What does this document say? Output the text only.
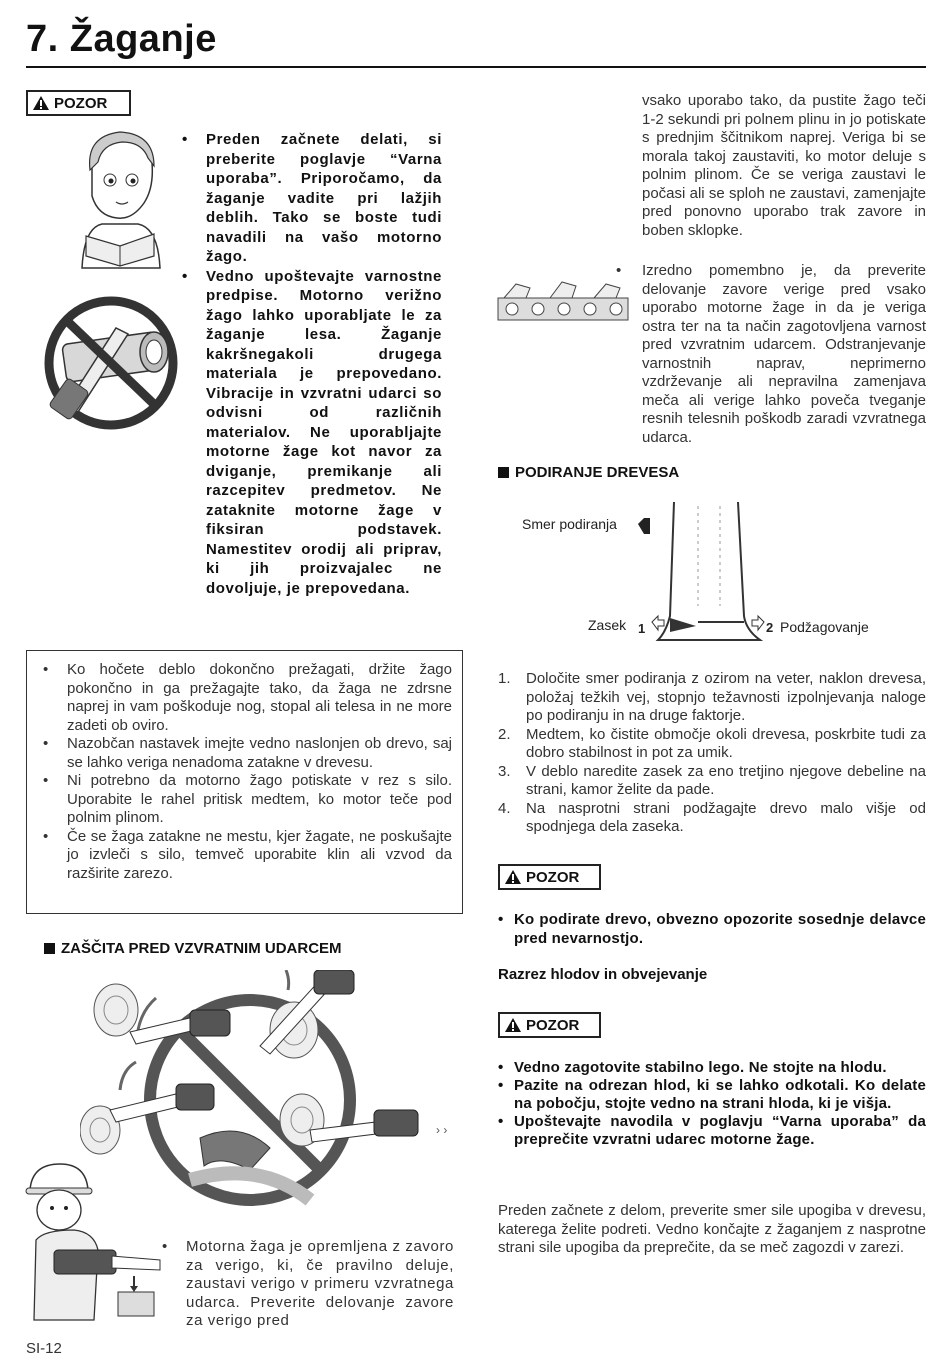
7. Žaganje
POZOR
•	Preden začnete delati, si preberite poglavje “Varna uporaba”. Priporočamo, da žaganje vadite pri lažjih deblih. Tako se boste tudi navadili na vašo motorno žago.
•	Vedno upoštevajte varnostne predpise. Motorno verižno žago lahko uporabljate le za žaganje lesa. Žaganje kakršnegakoli drugega materiala je prepovedano. Vibracije in vzvratni udarci so odvisni od različnih materialov. Ne uporabljajte motorne žage kot navor za dviganje, premikanje ali razcepitev predmetov. Ne zataknite motorne žage v fiksiran podstavek. Namestitev orodij ali priprav, ki jih proizvajalec ne dovoljuje, je prepovedana.
•	Ko hočete deblo dokončno prežagati, držite žago pokončno in ga prežagajte tako, da žaga ne zdrsne naprej in vam poškoduje nog, stopal ali telesa in ne more zadeti ob oviro.
•	Nazobčan nastavek imejte vedno naslonjen ob drevo, saj se lahko veriga nenadoma zatakne v drevesu.
•	Ni potrebno da motorno žago potiskate v rez s silo. Uporabite le rahel pritisk medtem, ko motor teče pod polnim plinom.
•	Če se žaga zatakne ne mestu, kjer žagate, ne poskušajte jo izvleči s silo, temveč uporabite klin ali vzvod da razširite zarezo.
ZAŠČITA PRED VZVRATNIM UDARCEM
› ›
•	Motorna žaga je opremljena z zavoro za verigo, ki, če pravilno deluje, zaustavi verigo v primeru vzvratnega udarca. Preverite delovanje zavore za verigo pred
vsako uporabo tako, da pustite žago teči 1-2 sekundi pri polnem plinu in jo potiskate s prednjim ščitnikom naprej. Veriga bi se morala takoj zaustaviti, ko motor deluje s polnim plinom. Če se veriga zaustavi le počasi ali se sploh ne zaustavi, zamenjajte pred ponovno uporabo trak zavore in boben sklopke.
•	Izredno pomembno je, da preverite delovanje zavore verige pred vsako uporabo motorne žage in da je veriga ostra ter na ta način zagotovljena varnost pred vzvratnim udarcem. Odstranjevanje varnostnih naprav, neprimerno vzdrževanje ali nepravilna zamenjava meča ali verige lahko poveča tveganje resnih telesnih poškodb zaradi vzvratnega udarca.
PODIRANJE DREVESA
Smer podiranja
Zasek 1	2 Podžagovanje
1.	Določite smer podiranja z ozirom na veter, naklon drevesa, položaj težkih vej, stopnjo težavnosti izpolnjevanja naloge po podiranju in na druge faktorje.
2.	Medtem, ko čistite območje okoli drevesa, poskrbite tudi za dobro stabilnost in pot za umik.
3.	V deblo naredite zasek za eno tretjino njegove debeline na strani, kamor želite da pade.
4.	Na nasprotni strani podžagajte drevo malo višje od spodnjega dela zaseka.
POZOR
• Ko podirate drevo, obvezno opozorite sosednje delavce pred nevarnostjo.
Razrez hlodov in obvejevanje
POZOR
• Vedno zagotovite stabilno lego. Ne stojte na hlodu.
• Pazite na odrezan hlod, ki se lahko odkotali. Ko delate na pobočju, stojte vedno na strani hloda, ki je višja.
• Upoštevajte navodila v poglavju “Varna uporaba” da preprečite vzvratni udarec motorne žage.
Preden začnete z delom, preverite smer sile upogiba v drevesu, katerega želite podreti. Vedno končajte z žaganjem z nasprotne strani sile upogiba da preprečite, da se meč zagozdi v zarezi.
SI-12
